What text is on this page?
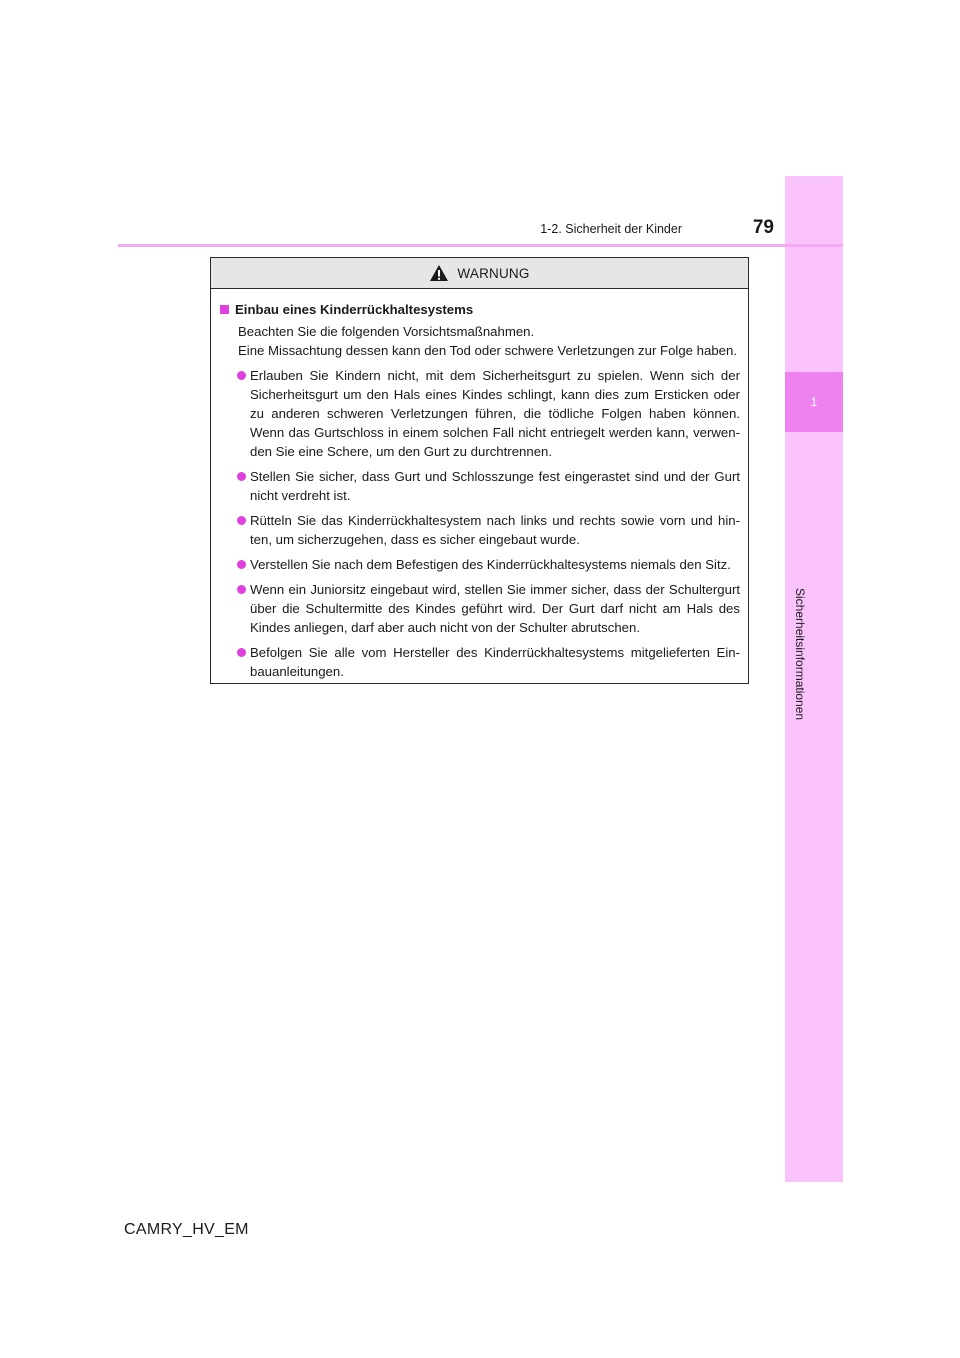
1
Sicherheitsinformationen
1-2. Sicherheit der Kinder	79
WARNUNG
Einbau eines Kinderrückhaltesystems

Beachten Sie die folgenden Vorsichtsmaßnahmen.

Eine Missachtung dessen kann den Tod oder schwere Verletzungen zur Folge haben.

Erlauben Sie Kindern nicht, mit dem Sicherheitsgurt zu spielen. Wenn sich der Sicherheitsgurt um den Hals eines Kindes schlingt, kann dies zum Ersticken oder zu anderen schweren Verletzungen führen, die tödliche Folgen haben können. Wenn das Gurtschloss in einem solchen Fall nicht entriegelt werden kann, verwen-den Sie eine Schere, um den Gurt zu durchtrennen.
Stellen Sie sicher, dass Gurt und Schlosszunge fest eingerastet sind und der Gurt nicht verdreht ist.
Rütteln Sie das Kinderrückhaltesystem nach links und rechts sowie vorn und hin-ten, um sicherzugehen, dass es sicher eingebaut wurde.
Verstellen Sie nach dem Befestigen des Kinderrückhaltesystems niemals den Sitz.
Wenn ein Juniorsitz eingebaut wird, stellen Sie immer sicher, dass der Schultergurt über die Schultermitte des Kindes geführt wird. Der Gurt darf nicht am Hals des Kindes anliegen, darf aber auch nicht von der Schulter abrutschen.
Befolgen Sie alle vom Hersteller des Kinderrückhaltesystems mitgelieferten Ein-bauanleitungen.
CAMRY_HV_EM
